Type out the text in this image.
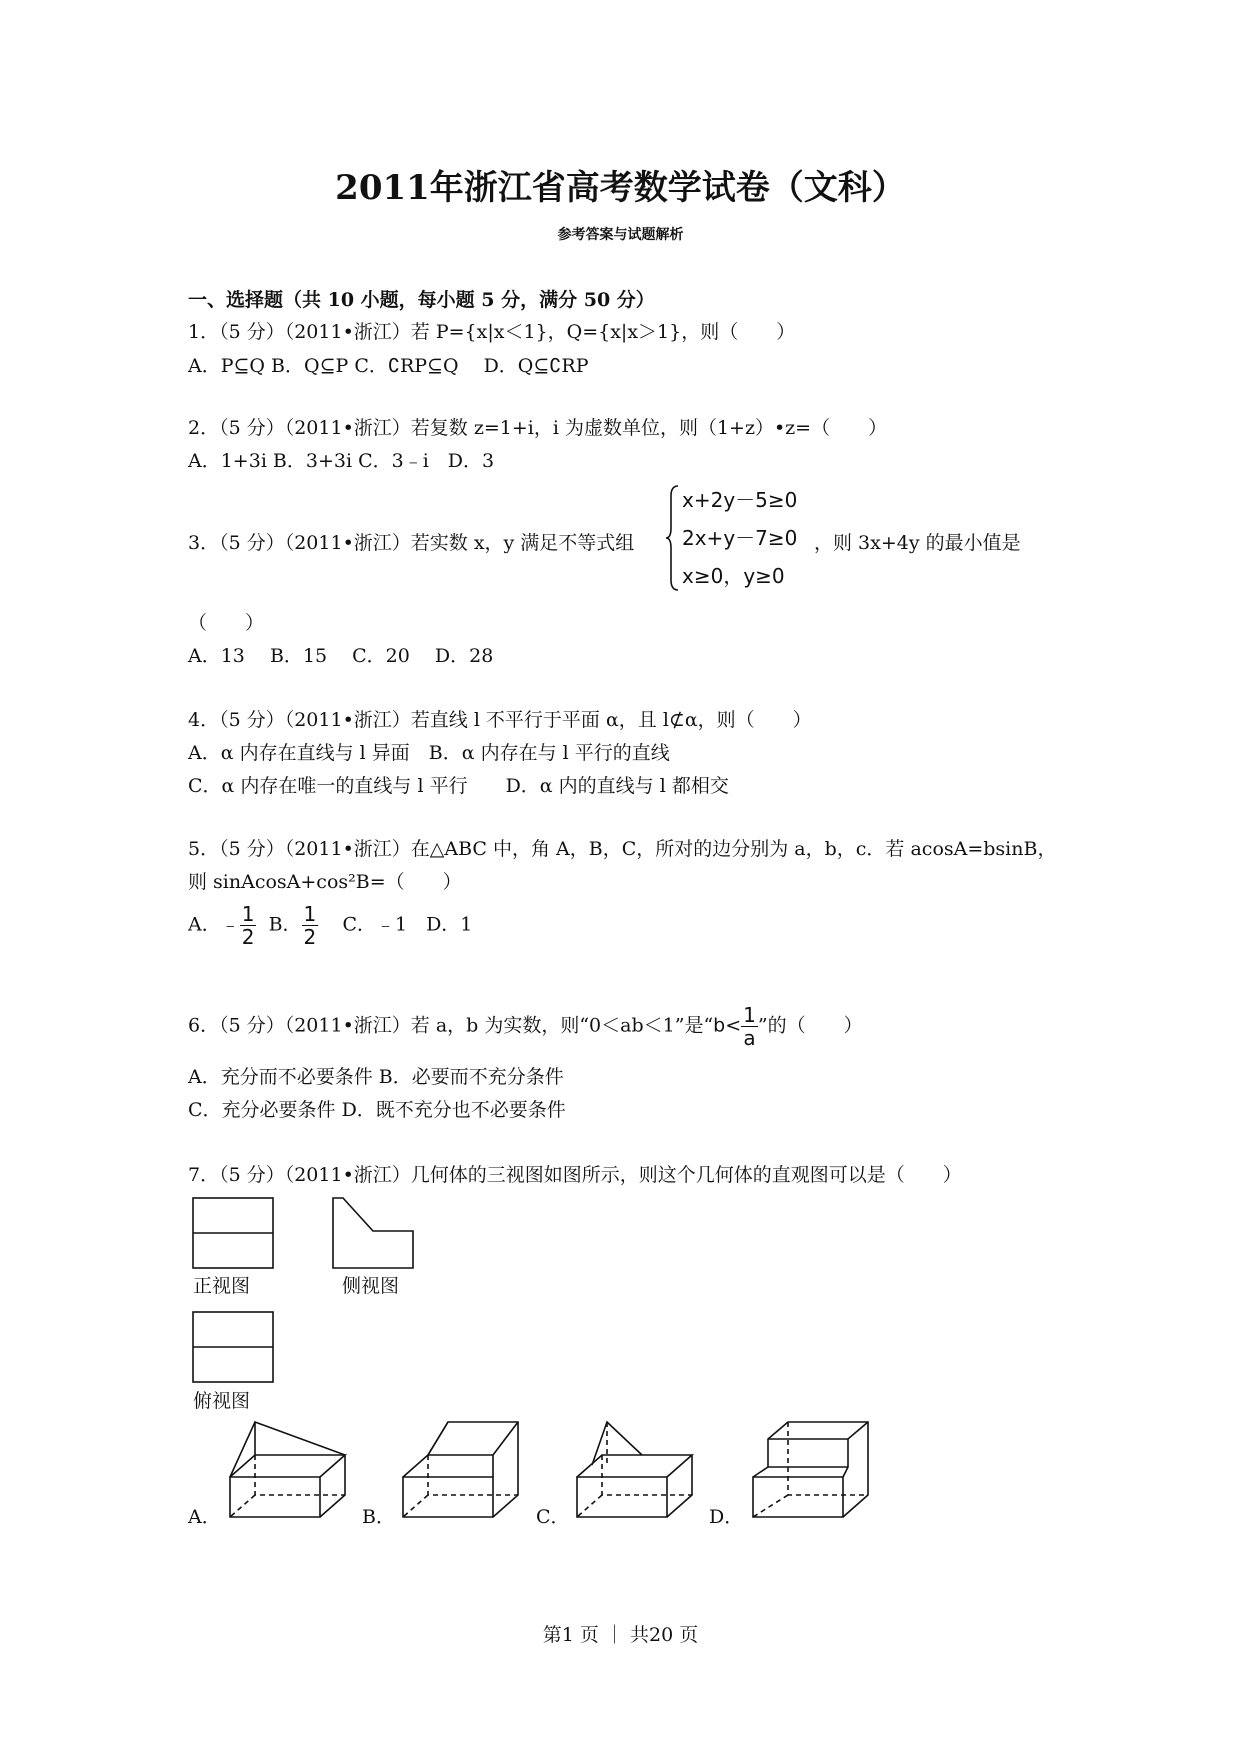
2011年浙江省高考数学试卷（文科）
参考答案与试题解析
一、选择题（共 10 小题，每小题 5 分，满分 50 分）
1．（5 分）（2011•浙江）若 P={x|x＜1}，Q={x|x＞1}，则（　　）
A．P⊆Q B．Q⊆P C．∁RP⊆Q　 D．Q⊆∁RP
2．（5 分）（2011•浙江）若复数 z=1+i，i 为虚数单位，则（1+z）•z=（　　）
A．1+3i B．3+3i C．3﹣i　D．3
3．（5 分）（2011•浙江）若实数 x，y 满足不等式组
x+2y－5≥0
2x+y－7≥0
x≥0，y≥0
，则 3x+4y 的最小值是
（　　）
A．13　 B．15　 C．20　 D．28
4．（5 分）（2011•浙江）若直线 l 不平行于平面 α，且 l⊄α，则（　　）
A．α 内存在直线与 l 异面　B．α 内存在与 l 平行的直线
C．α 内存在唯一的直线与 l 平行　　D．α 内的直线与 l 都相交
5．（5 分）（2011•浙江）在△ABC 中，角 A，B，C，所对的边分别为 a，b，c．若 acosA=bsinB，
则 sinAcosA+cos²B=（　　）
A．﹣ $\frac{1}{2}$ B． $\frac{1}{2}$ C．﹣1　D．1
6．（5 分）（2011•浙江）若 a，b 为实数，则“0＜ab＜1”是“$b< \frac{1}{a}$ ”的（　　）
A．充分而不必要条件 B．必要而不充分条件
C．充分必要条件 D．既不充分也不必要条件
7．（5 分）（2011•浙江）几何体的三视图如图所示，则这个几何体的直观图可以是（　　）
正视图	侧视图
俯视图
A．	B．	C．	D．
第1 页 ｜ 共20 页
